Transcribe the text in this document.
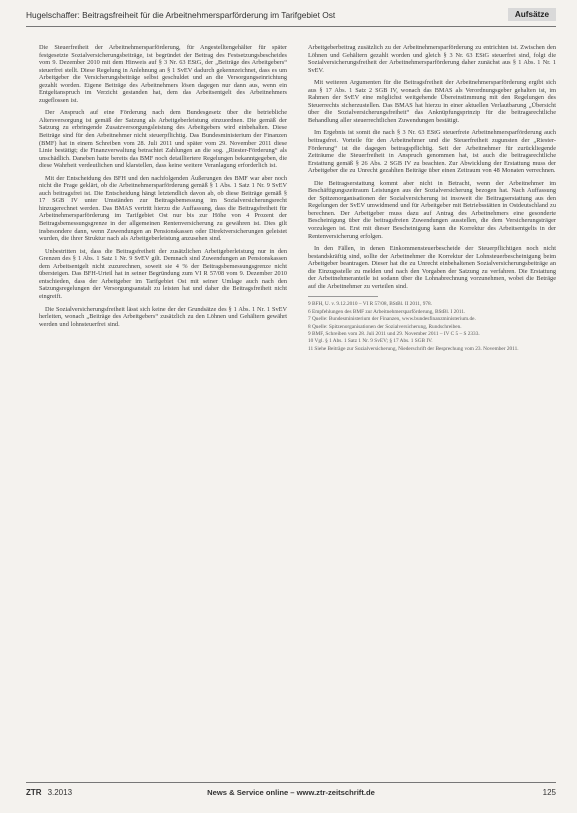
Hugelschaffer: Beitragsfreiheit für die Arbeitnehmersparförderung im Tarifgebiet Ost	Aufsätze

Die Steuerfreiheit der Arbeitnehmersparförderung, für Angestelltengehälter für später festgesetzte Sozialversicherungsbeiträge, ist begründet der Beitrag des Festsetzungsbescheides vom 9. Dezember 2010 mit dem Hinweis auf § 3 Nr. 63 EStG, der „Beiträge des Arbeitgebers“ steuerfrei stellt. Diese Regelung in Anlehnung an § 1 SvEV dadurch gekennzeichnet, dass es um Arbeitgeber die Versicherungsbeiträge selbst geschuldet und an die Versorgungseinrichtung gezahlt worden. Eigene Beiträge des Arbeitnehmers lösen dagegen nur dann aus, wenn ein Entgeltanspruch im Verzicht gestanden hat, dem das Arbeitsentgelt des Arbeitnehmers zugeflossen ist.

Der Anspruch auf eine Förderung nach dem Bundesgesetz über die betriebliche Altersversorgung ist gemäß der Satzung als Arbeitgeberleistung einzuordnen. Die gemäß der Satzung zu erbringende Zusatzversorgungsleistung des Arbeitgebers wird einbehalten. Diese Beiträge sind für den Arbeitnehmer nicht steuerpflichtig. Das Bundesministerium der Finanzen (BMF) hat in einem Schreiben vom 28. Juli 2011 und später vom 29. November 2011 diese Linie bestätigt; die Finanzverwaltung betrachtet Zahlungen an die sog. „Riester-Förderung“ als unschädlich. Daneben hatte bereits das BMF noch detailliertere Regelungen bekanntgegeben, die diese Wahrheit verdeutlichen und klarstellen, dass keine weitere Veranlagung erforderlich ist.

Mit der Entscheidung des BFH und den nachfolgenden Äußerungen des BMF war aber noch nicht die Frage geklärt, ob die Arbeitnehmersparförderung gemäß § 1 Abs. 1 Satz 1 Nr. 9 SvEV auch beitragsfrei ist. Die Entscheidung hängt letztendlich davon ab, ob diese Beiträge gemäß § 17 SGB IV unter Umständen zur Beitragsbemessung im Sozialversicherungsrecht hinzugerechnet werden. Das BMAS vertritt hierzu die Auffassung, dass die Beitragsfreiheit für Arbeitnehmersparförderung im Tarifgebiet Ost nur bis zur Höhe von 4 Prozent der Beitragsbemessungsgrenze in der allgemeinen Rentenversicherung zu gewähren ist. Dies gilt insbesondere dann, wenn Zuwendungen an Pensionskassen oder Direktversicherungen geleistet wurden, die ihrer Struktur nach als Arbeitgeberleistung anzusehen sind.

Unbestritten ist, dass die Beitragsfreiheit der zusätzlichen Arbeitgeberleistung nur in den Grenzen des § 1 Abs. 1 Satz 1 Nr. 9 SvEV gilt. Demnach sind Zuwendungen an Pensionskassen dem Arbeitsentgelt nicht zuzurechnen, soweit sie 4 % der Beitragsbemessungsgrenze nicht übersteigen. Das BFH-Urteil hat in seiner Begründung zum VI R 57/08 vom 9. Dezember 2010 entschieden, dass der Arbeitgeber im Tarifgebiet Ost mit seiner Umlage auch nach den Satzungsregelungen der Versorgungsanstalt zu leisten hat und daher die Beitragsfreiheit nicht eingreift.

Die Sozialversicherungsfreiheit lässt sich keine der der Grundsätze des § 1 Abs. 1 Nr. 1 SvEV herleiten, wonach „Beiträge des Arbeitgebers“ zusätzlich zu den Löhnen und Gehältern gewährt werden und lohnsteuerfrei sind.

Arbeitgeberbeitrag zusätzlich zu der Arbeitnehmersparförderung zu entrichten ist. Zwischen den Löhnen und Gehältern gezahlt worden und gleich § 3 Nr. 63 EStG steuerfrei sind, folgt die Sozialversicherungsfreiheit der Arbeitnehmersparförderung daher zunächst aus § 1 Abs. 1 Nr. 1 SvEV.

Mit weiteren Argumenten für die Beitragsfreiheit der Arbeitnehmersparförderung ergibt sich aus § 17 Abs. 1 Satz 2 SGB IV, wonach das BMAS als Verordnungsgeber gehalten ist, im Rahmen der SvEV eine möglichst weitgehende Übereinstimmung mit den Regelungen des Steuerrechts sicherzustellen. Das BMAS hat hierzu in einer aktuellen Verlautbarung „Übersicht über die Sozialversicherungsfreiheit“ das Anknüpfungsprinzip für die beitragsrechtliche Behandlung aller steuerrechtlichen Zuwendungen bestätigt.

Im Ergebnis ist somit die nach § 3 Nr. 63 EStG steuerfreie Arbeitnehmersparförderung auch beitragsfrei. Vorteile für den Arbeitnehmer und die Steuerfreiheit zugunsten der „Riester-Förderung“ ist die dagegen beitragspflichtig. Seit der Arbeitnehmer für zurückliegende Zeiträume die Steuerfreiheit in Anspruch genommen hat, ist auch die beitragsrechtliche Erstattung gemäß § 26 Abs. 2 SGB IV zu beachten. Zur Abwicklung der Erstattung muss der Arbeitgeber die zu Unrecht gezahlten Beiträge über einen Zeitraum von 48 Monaten verrechnen.

Die Beitragserstattung kommt aber nicht in Betracht, wenn der Arbeitnehmer im Beschäftigungszeitraum Leistungen aus der Sozialversicherung bezogen hat. Nach Auffassung der Spitzenorganisationen der Sozialversicherung ist insoweit die Beitragserstattung aus den Regelungen der SvEV umwidmend und für Arbeitgeber mit Betriebsstätten in Ostdeutschland zu berechnen. Der Arbeitgeber muss dazu auf Antrag des Arbeitnehmers eine gesonderte Bescheinigung über die beitragsfreien Zuwendungen ausstellen, die dem Versicherungsträger vorzulegen ist. Erst mit dieser Bescheinigung kann die Korrektur des Arbeitsentgelts in der Rentenversicherung erfolgen.

In den Fällen, in denen Einkommensteuerbescheide der Steuerpflichtigen noch nicht bestandskräftig sind, sollte der Arbeitnehmer die Korrektur der Lohnsteuerbescheinigung beim Arbeitgeber beantragen. Dieser hat die zu Unrecht einbehaltenen Sozialversicherungsbeiträge an die Einzugsstelle zu melden und nach den Vorgaben der Satzung zu verfahren. Die Erstattung der Arbeitnehmeranteile ist sodann über die Lohnabrechnung vorzunehmen, wobei die Beträge auf die Arbeitnehmer zu verteilen sind.

9 BFH, U. v. 9.12.2010 – VI R 57/08, BStBl. II 2011, 978.

6 Empfehlungen des BMF zur Arbeitnehmersparförderung, BStBl. I 2011.

7 Quelle: Bundesministerium der Finanzen, www.bundesfinanzministerium.de.

8 Quelle: Spitzenorganisationen der Sozialversicherung, Rundschreiben.

9 BMF, Schreiben vom 28. Juli 2011 und 29. November 2011 – IV C 5 – S 2333.

10 Vgl. § 1 Abs. 1 Satz 1 Nr. 9 SvEV; § 17 Abs. 1 SGB IV.

11 Siehe Beiträge zur Sozialversicherung, Niederschrift der Besprechung vom 23. November 2011.

ZTR 3.2013	News & Service online – www.ztr-zeitschrift.de	125
